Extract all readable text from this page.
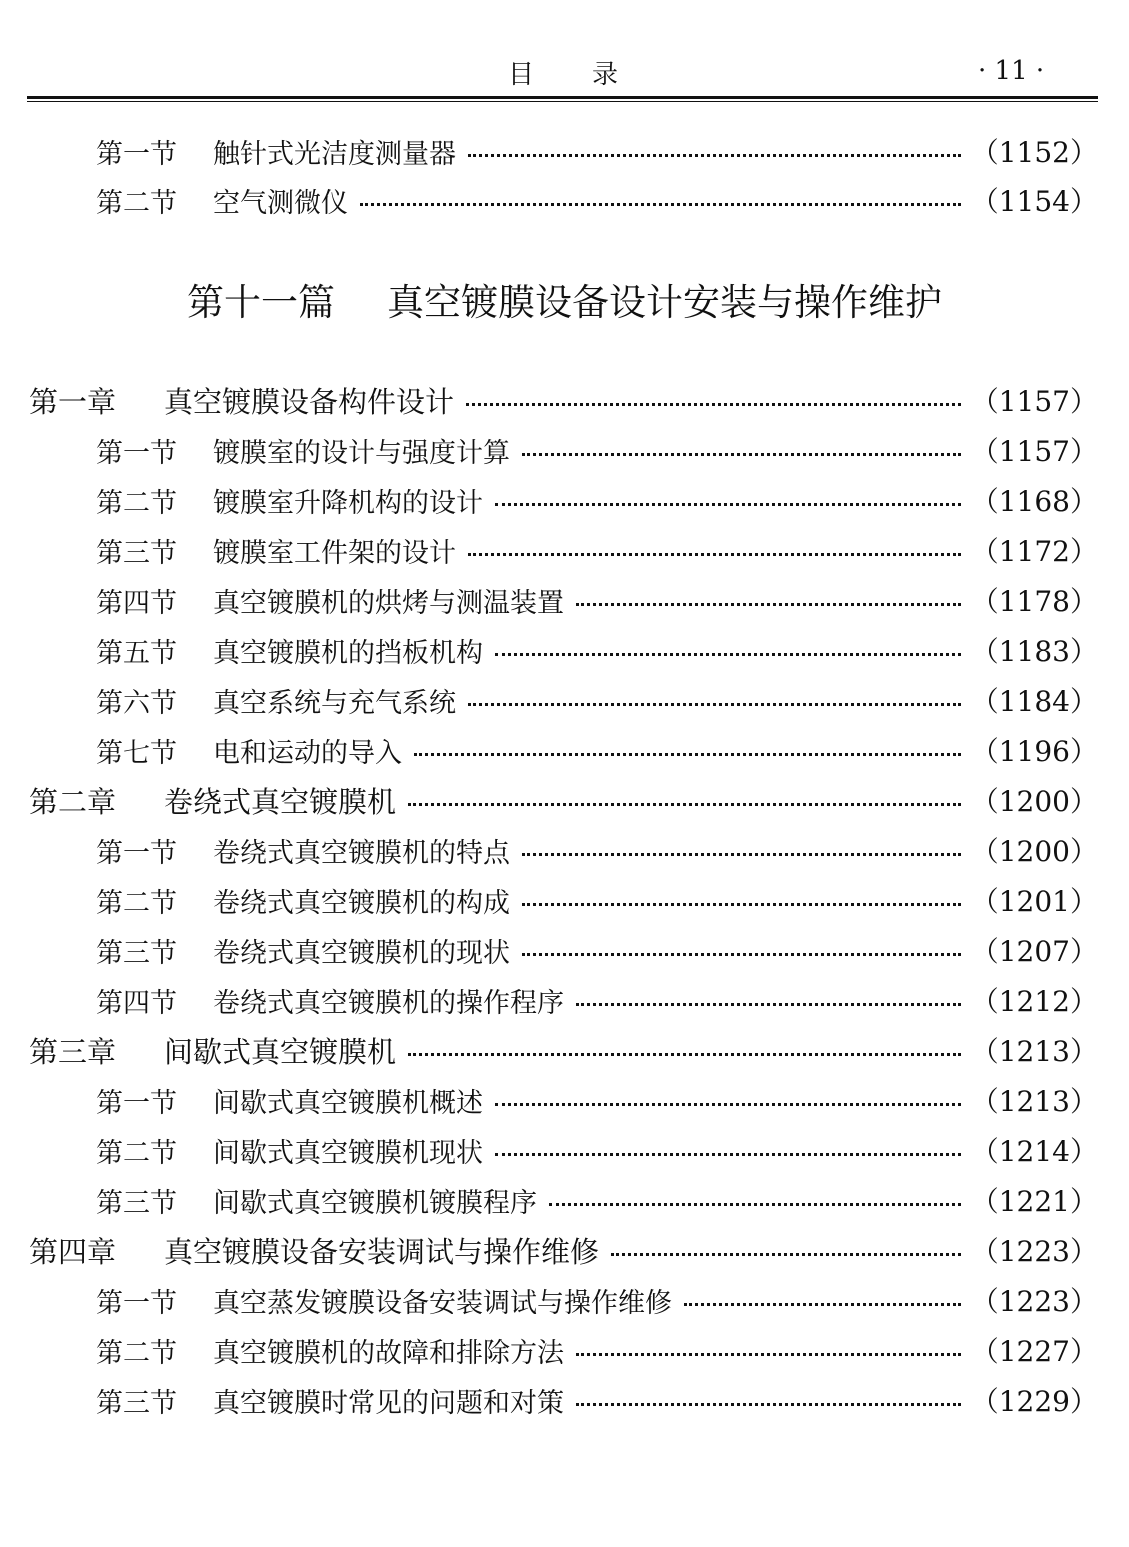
目录	· 11 ·
第一节	触针式光洁度测量器	（1152）
第二节	空气测微仪	（1154）
第十一篇 真空镀膜设备设计安装与操作维护
第一章	真空镀膜设备构件设计	（1157）
第一节	镀膜室的设计与强度计算	（1157）
第二节	镀膜室升降机构的设计	（1168）
第三节	镀膜室工件架的设计	（1172）
第四节	真空镀膜机的烘烤与测温装置	（1178）
第五节	真空镀膜机的挡板机构	（1183）
第六节	真空系统与充气系统	（1184）
第七节	电和运动的导入	（1196）
第二章	卷绕式真空镀膜机	（1200）
第一节	卷绕式真空镀膜机的特点	（1200）
第二节	卷绕式真空镀膜机的构成	（1201）
第三节	卷绕式真空镀膜机的现状	（1207）
第四节	卷绕式真空镀膜机的操作程序	（1212）
第三章	间歇式真空镀膜机	（1213）
第一节	间歇式真空镀膜机概述	（1213）
第二节	间歇式真空镀膜机现状	（1214）
第三节	间歇式真空镀膜机镀膜程序	（1221）
第四章	真空镀膜设备安装调试与操作维修	（1223）
第一节	真空蒸发镀膜设备安装调试与操作维修	（1223）
第二节	真空镀膜机的故障和排除方法	（1227）
第三节	真空镀膜时常见的问题和对策	（1229）
